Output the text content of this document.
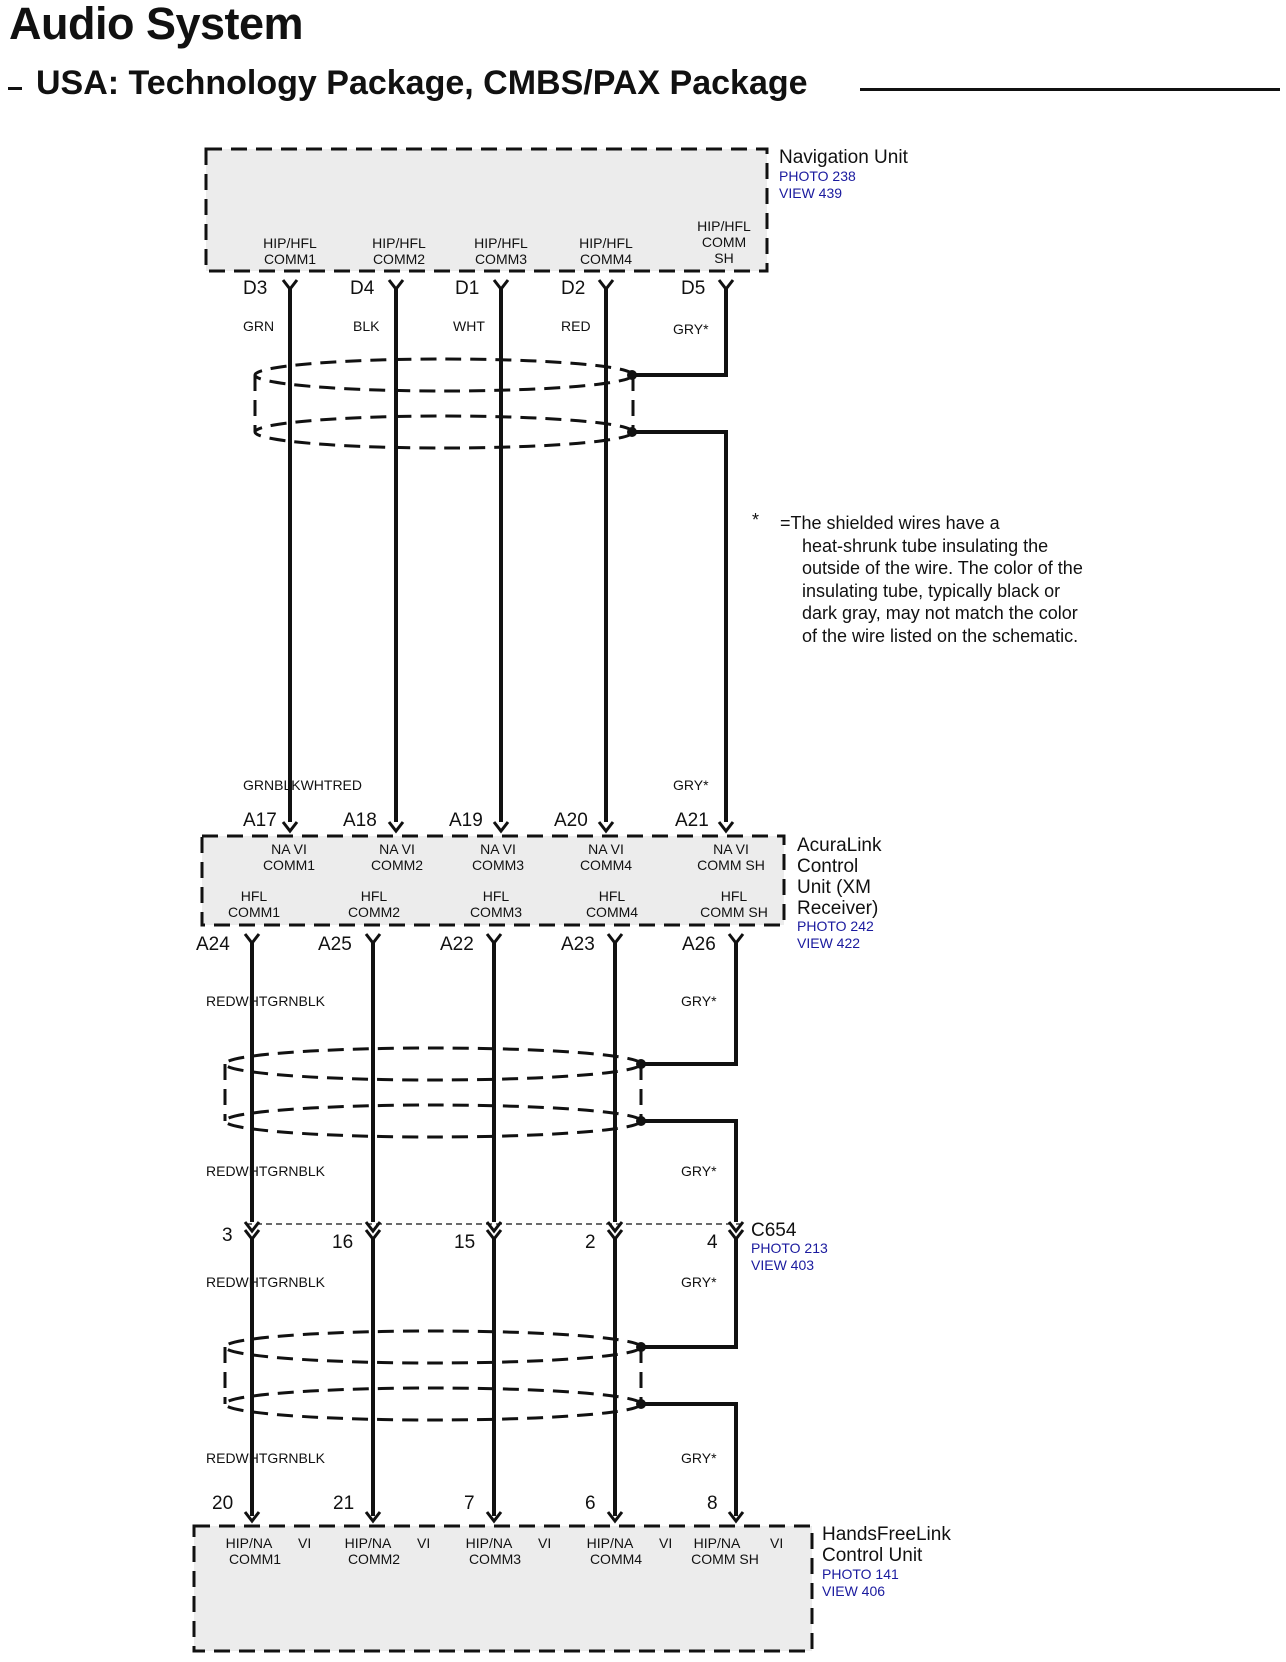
Audio System
USA: Technology Package, CMBS/PAX Package
Navigation Unit
PHOTO 238
VIEW 439
HIP/HFL
COMM1
HIP/HFL
COMM2
HIP/HFL
COMM3
HIP/HFL
COMM4
HIP/HFL
COMM
SH
D3	D4	D1	D2	D5
GRN	BLK	WHT	RED	GRY*
GRNBLKWHTRED	GRY*
A17	A18	A19	A20	A21
AcuraLink
Control
Unit (XM
Receiver)
PHOTO 242
VIEW 422
NA VI
COMM1
NA VI
COMM2
NA VI
COMM3
NA VI
COMM4
NA VI
COMM SH
HFL
COMM1
HFL
COMM2
HFL
COMM3
HFL
COMM4
HFL
COMM SH
A24	A25	A22	A23	A26
REDWHTGRNBLK	GRY*
REDWHTGRNBLK	GRY*
3	16	15	2	4
C654
PHOTO 213
VIEW 403
REDWHTGRNBLK	GRY*
REDWHTGRNBLK	GRY*
20	21	7	6	8
HandsFreeLink
Control Unit
PHOTO 141
VIEW 406
HIP/NA
COMM1
VI HIP/NA
COMM2
VI	HIP/NA
COMM3
VI	HIP/NA
COMM4
VI HIP/NA
COMM SH
VI
*	=The shielded wires have a
heat-shrunk tube insulating the outside of the wire. The color of the insulating tube, typically black or dark gray, may not match the color of the wire listed on the schematic.
